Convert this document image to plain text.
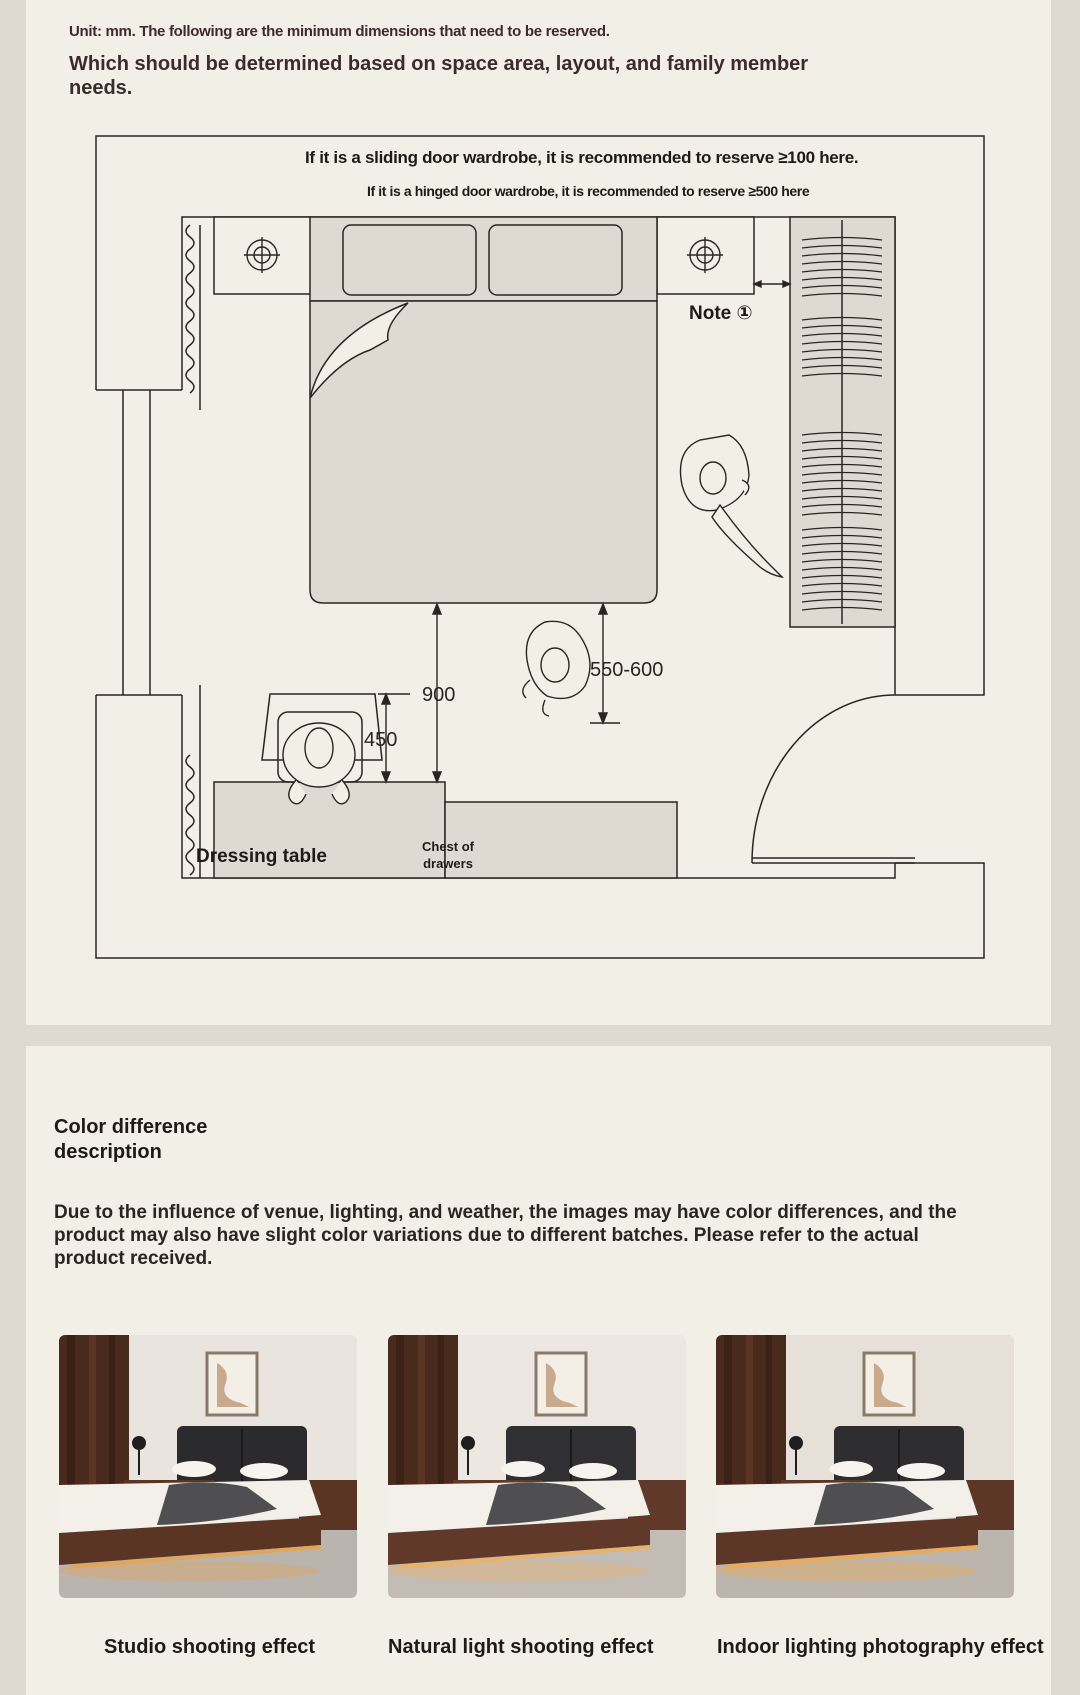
Unit: mm. The following are the minimum dimensions that need to be reserved.
Which should be determined based on space area, layout, and family member needs.
If it is a sliding door wardrobe, it is recommended to reserve ≥100 here.
If it is a hinged door wardrobe, it is recommended to reserve ≥500 here
Note ①
900
450
550-600
Dressing table	Chest of drawers
Color difference description
Due to the influence of venue, lighting, and weather, the images may have color differences, and the product may also have slight color variations due to different batches. Please refer to the actual product received.
Studio shooting effect	Natural light shooting effect	Indoor lighting photography effect
